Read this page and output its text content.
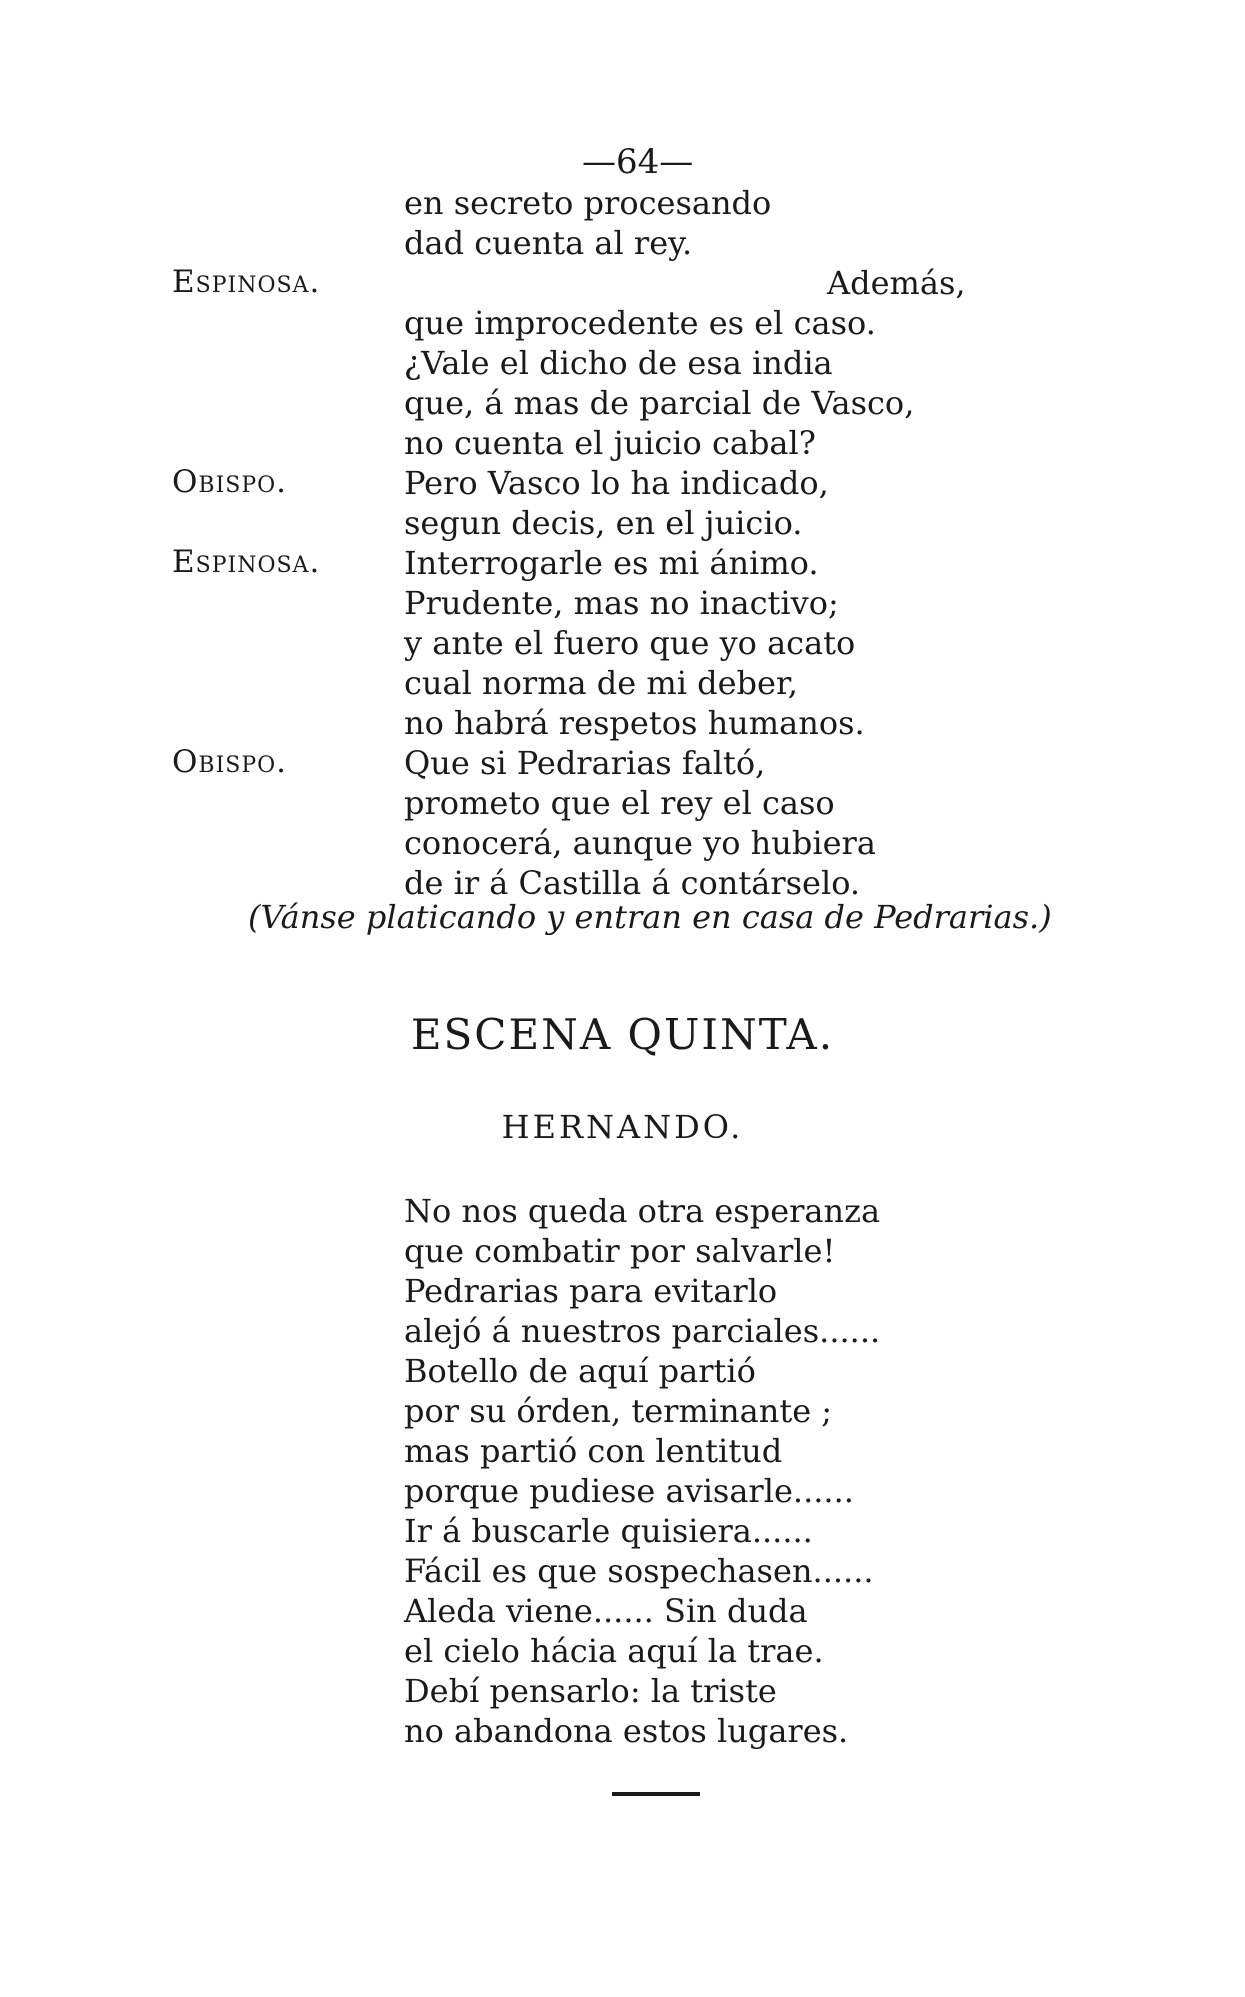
—64—
en secreto procesando
dad cuenta al rey.
Espinosa.	Además,
que improcedente es el caso.
¿Vale el dicho de esa india
que, á mas de parcial de Vasco,
no cuenta el juicio cabal?
Obispo.	Pero Vasco lo ha indicado,
segun decis, en el juicio.
Espinosa.	Interrogarle es mi ánimo.
Prudente, mas no inactivo;
y ante el fuero que yo acato
cual norma de mi deber,
no habrá respetos humanos.
Obispo.	Que si Pedrarias faltó,
prometo que el rey el caso
conocerá, aunque yo hubiera
de ir á Castilla á contárselo.
(Vánse platicando y entran en casa de Pedrarias.)
ESCENA QUINTA.
HERNANDO.
No nos queda otra esperanza
que combatir por salvarle!
Pedrarias para evitarlo
alejó á nuestros parciales......
Botello de aquí partió
por su órden, terminante ;
mas partió con lentitud
porque pudiese avisarle......
Ir á buscarle quisiera......
Fácil es que sospechasen......
Aleda viene...... Sin duda
el cielo hácia aquí la trae.
Debí pensarlo: la triste
no abandona estos lugares.
